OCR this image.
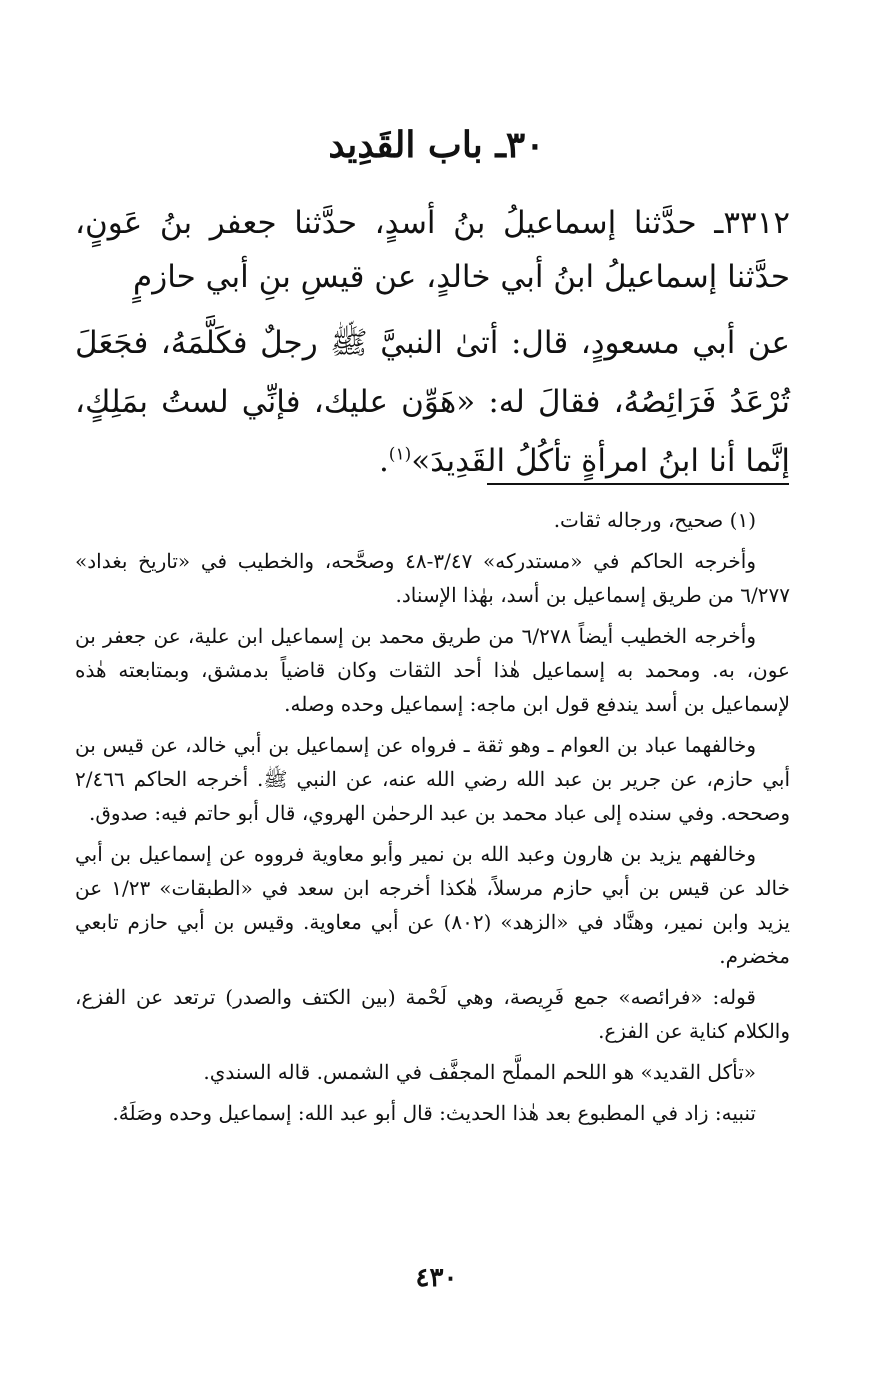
٣٠ـ باب القَدِيد

٣٣١٢ـ حدَّثنا إسماعيلُ بنُ أسدٍ، حدَّثنا جعفر بنُ عَونٍ، حدَّثنا إسماعيلُ ابنُ أبي خالدٍ، عن قيسِ بنِ أبي حازمٍ

عن أبي مسعودٍ، قال: أتىٰ النبيَّ ﷺ رجلٌ فكَلَّمَهُ، فجَعَلَ تُرْعَدُ فَرَائِصُهُ، فقالَ له: «هَوِّن عليك، فإنِّي لستُ بمَلِكٍ، إنَّما أنا ابنُ امرأةٍ تأكُلُ القَدِيدَ»$^{(١)}$.

(١) صحيح، ورجاله ثقات.

وأخرجه الحاكم في «مستدركه» ٣/٤٧-٤٨ وصحَّحه، والخطيب في «تاريخ بغداد» ٦/٢٧٧ من طريق إسماعيل بن أسد، بهٰذا الإسناد.

وأخرجه الخطيب أيضاً ٦/٢٧٨ من طريق محمد بن إسماعيل ابن علية، عن جعفر بن عون، به. ومحمد به إسماعيل هٰذا أحد الثقات وكان قاضياً بدمشق، وبمتابعته هٰذه لإسماعيل بن أسد يندفع قول ابن ماجه: إسماعيل وحده وصله.

وخالفهما عباد بن العوام ـ وهو ثقة ـ فرواه عن إسماعيل بن أبي خالد، عن قيس بن أبي حازم، عن جرير بن عبد الله رضي الله عنه، عن النبي ﷺ. أخرجه الحاكم ٢/٤٦٦ وصححه. وفي سنده إلى عباد محمد بن عبد الرحمٰن الهروي، قال أبو حاتم فيه: صدوق.

وخالفهم يزيد بن هارون وعبد الله بن نمير وأبو معاوية فرووه عن إسماعيل بن أبي خالد عن قيس بن أبي حازم مرسلاً، هٰكذا أخرجه ابن سعد في «الطبقات» ١/٢٣ عن يزيد وابن نمير، وهنَّاد في «الزهد» (٨٠٢) عن أبي معاوية. وقيس بن أبي حازم تابعي مخضرم.

قوله: «فرائصه» جمع فَرِيصة، وهي لَحْمة (بين الكتف والصدر) ترتعد عن الفزع، والكلام كناية عن الفزع.

«تأكل القديد» هو اللحم المملَّح المجفَّف في الشمس. قاله السندي.

تنبيه: زاد في المطبوع بعد هٰذا الحديث: قال أبو عبد الله: إسماعيل وحده وصَلَهُ.

٤٣٠
